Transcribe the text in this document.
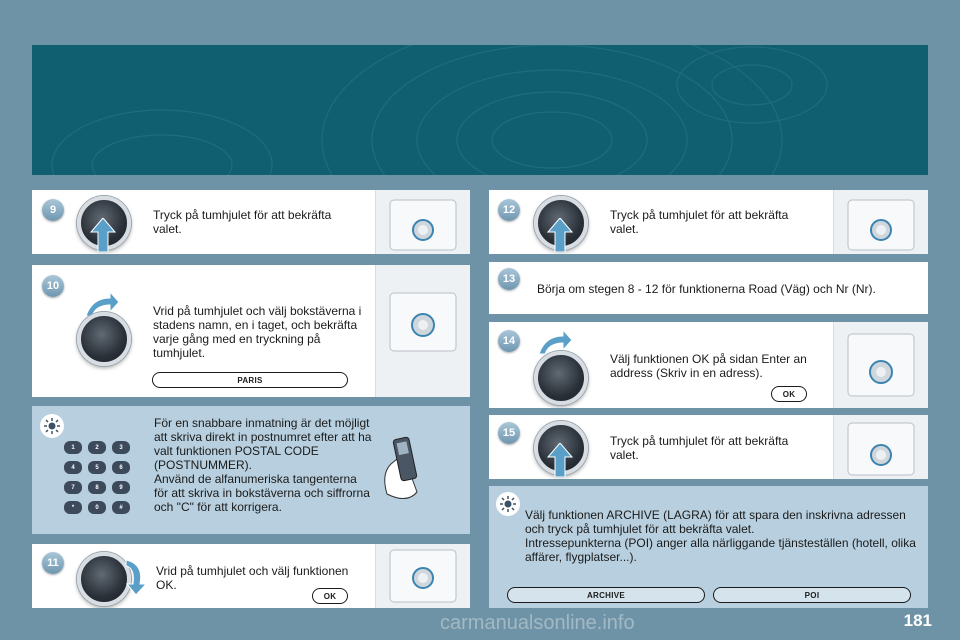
9	Tryck på tumhjulet för att bekräfta valet.
10
Vrid på tumhjulet och välj bokstäverna i stadens namn, en i taget, och bekräfta varje gång med en tryckning på tumhjulet.
PARIS
1	2	3
4	5	6
7	8	9
*	0	#
För en snabbare inmatning är det möjligt att skriva direkt in postnumret efter att ha valt funktionen POSTAL CODE (POSTNUMMER).
Använd de alfanumeriska tangenterna för att skriva in bokstäverna och siffrorna och "C" för att korrigera.
11
Vrid på tumhjulet och välj funktionen OK.
OK
12	Tryck på tumhjulet för att bekräfta valet.
13
Börja om stegen 8 - 12 för funktionerna Road (Väg) och Nr (Nr).
14
Välj funktionen OK på sidan Enter an address (Skriv in en adress).
OK
15
Tryck på tumhjulet för att bekräfta valet.
Välj funktionen ARCHIVE (LAGRA) för att spara den inskrivna adressen och tryck på tumhjulet för att bekräfta valet.
Intressepunkterna (POI) anger alla närliggande tjänsteställen (hotell, olika affärer, flygplatser...).
ARCHIVE	POI
181
carmanualsonline.info
